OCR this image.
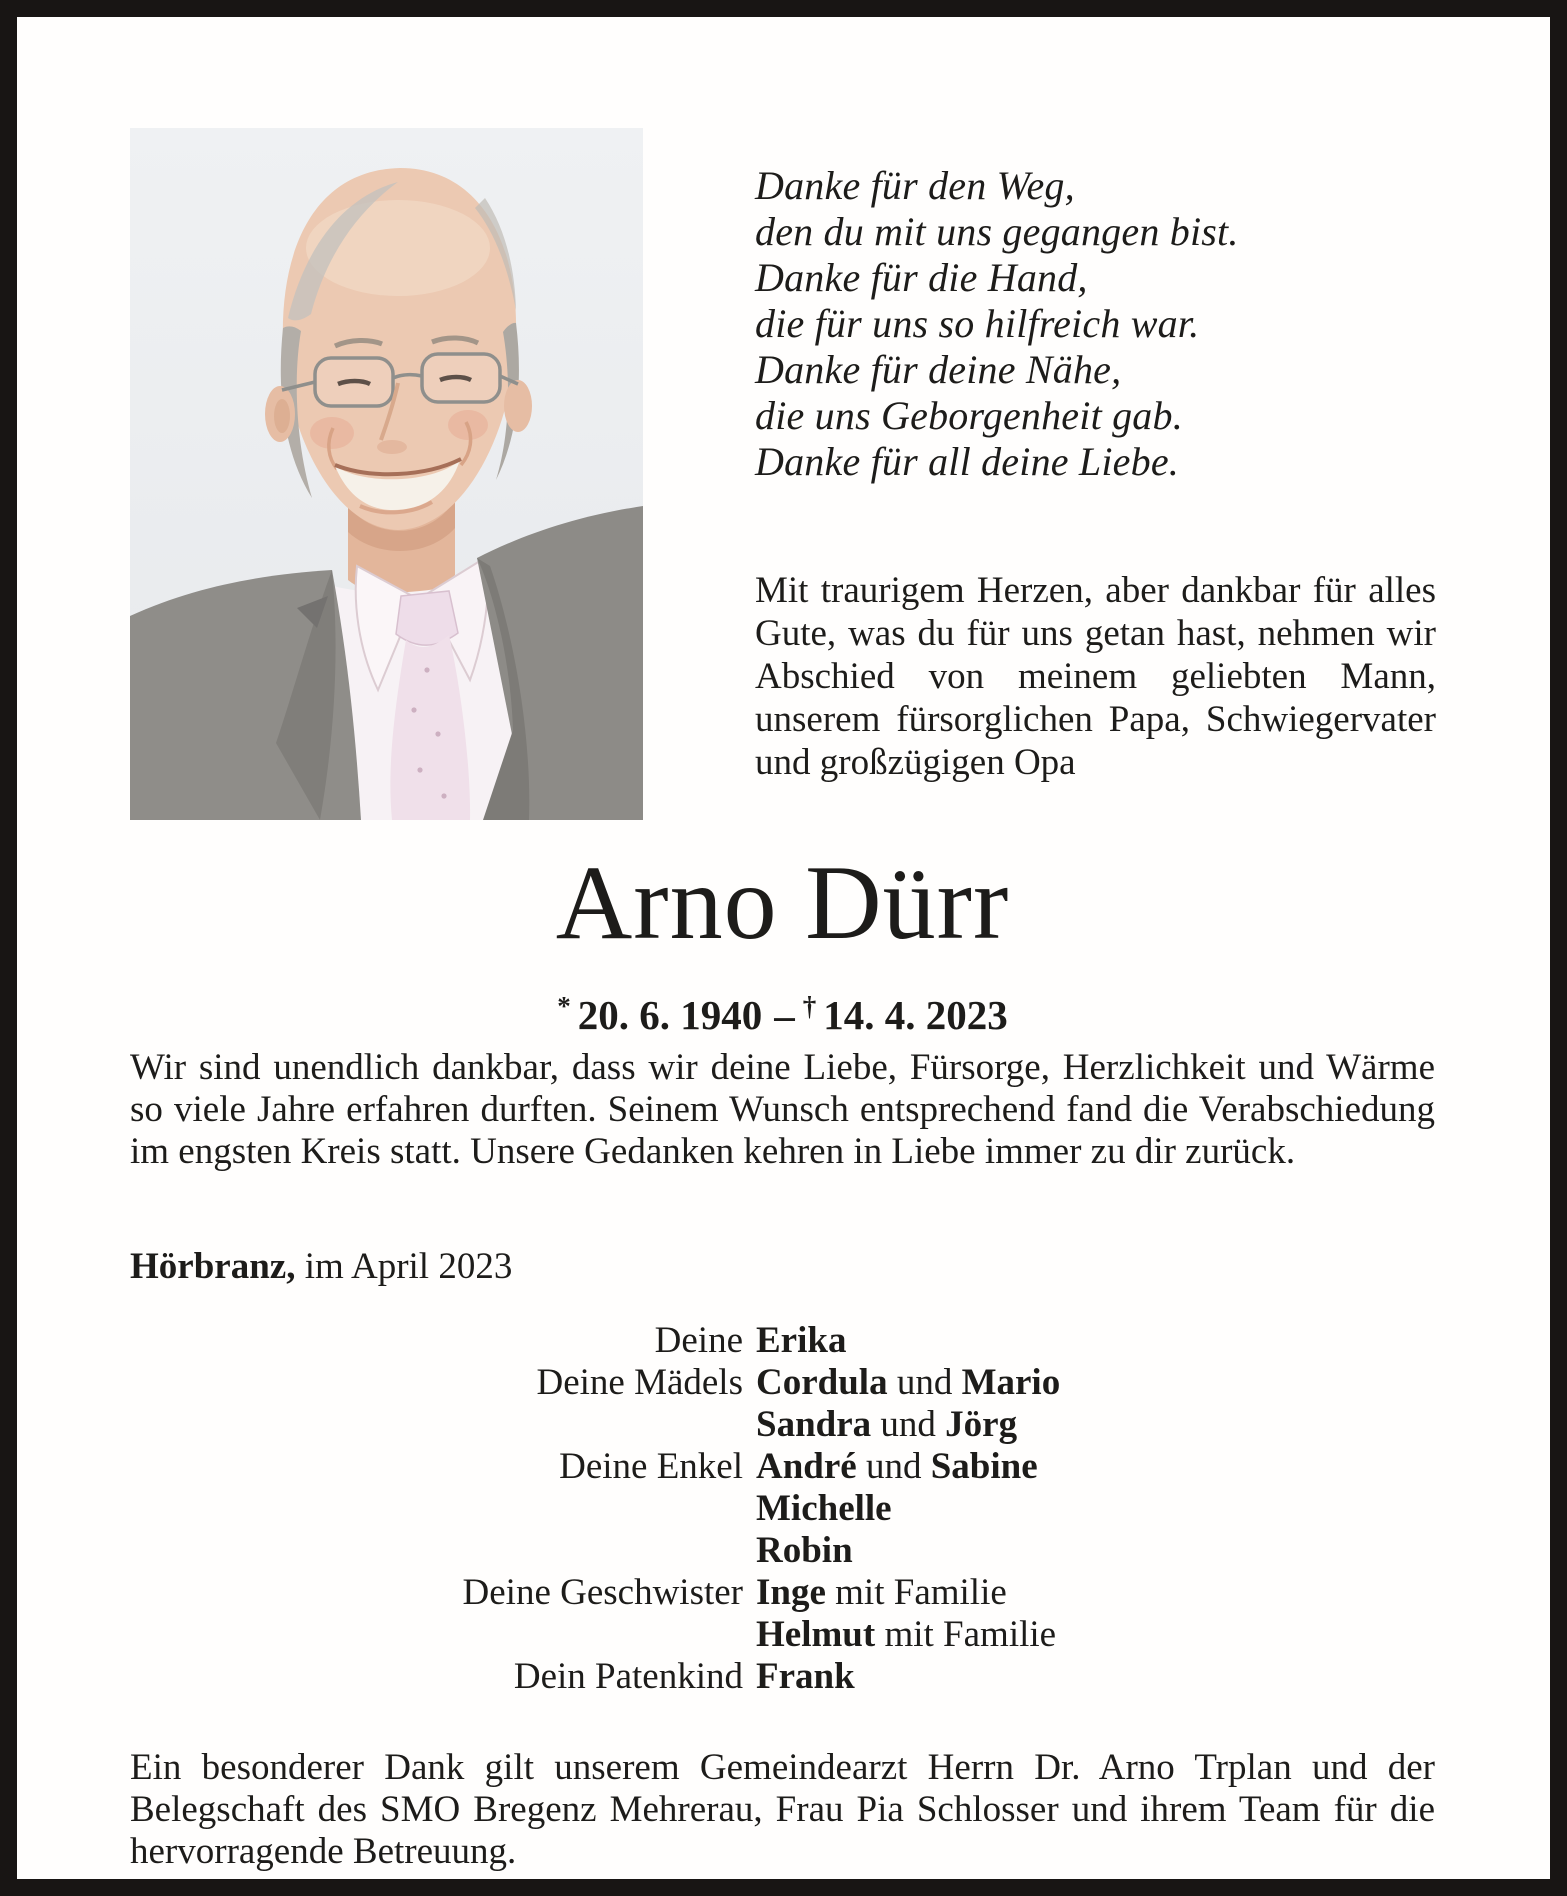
Danke für den Weg,
den du mit uns gegangen bist.
Danke für die Hand,
die für uns so hilfreich war.
Danke für deine Nähe,
die uns Geborgenheit gab.
Danke für all deine Liebe.
Mit traurigem Herzen, aber dankbar für alles Gute, was du für uns getan hast, nehmen wir Abschied von meinem geliebten Mann, unserem fürsorglichen Papa, Schwiegervater und großzügigen Opa
Arno Dürr
* 20. 6. 1940 – † 14. 4. 2023
Wir sind unendlich dankbar, dass wir deine Liebe, Fürsorge, Herzlichkeit und Wärme so viele Jahre erfahren durften. Seinem Wunsch entsprechend fand die Verabschiedung im engsten Kreis statt. Unsere Gedanken kehren in Liebe immer zu dir zurück.
Hörbranz, im April 2023
Deine Erika
Deine Mädels Cordula und Mario
Sandra und Jörg
Deine Enkel André und Sabine
Michelle
Robin
Deine Geschwister Inge mit Familie
Helmut mit Familie
Dein Patenkind Frank
Ein besonderer Dank gilt unserem Gemeindearzt Herrn Dr. Arno Trplan und der Belegschaft des SMO Bregenz Mehrerau, Frau Pia Schlosser und ihrem Team für die hervorragende Betreuung.
